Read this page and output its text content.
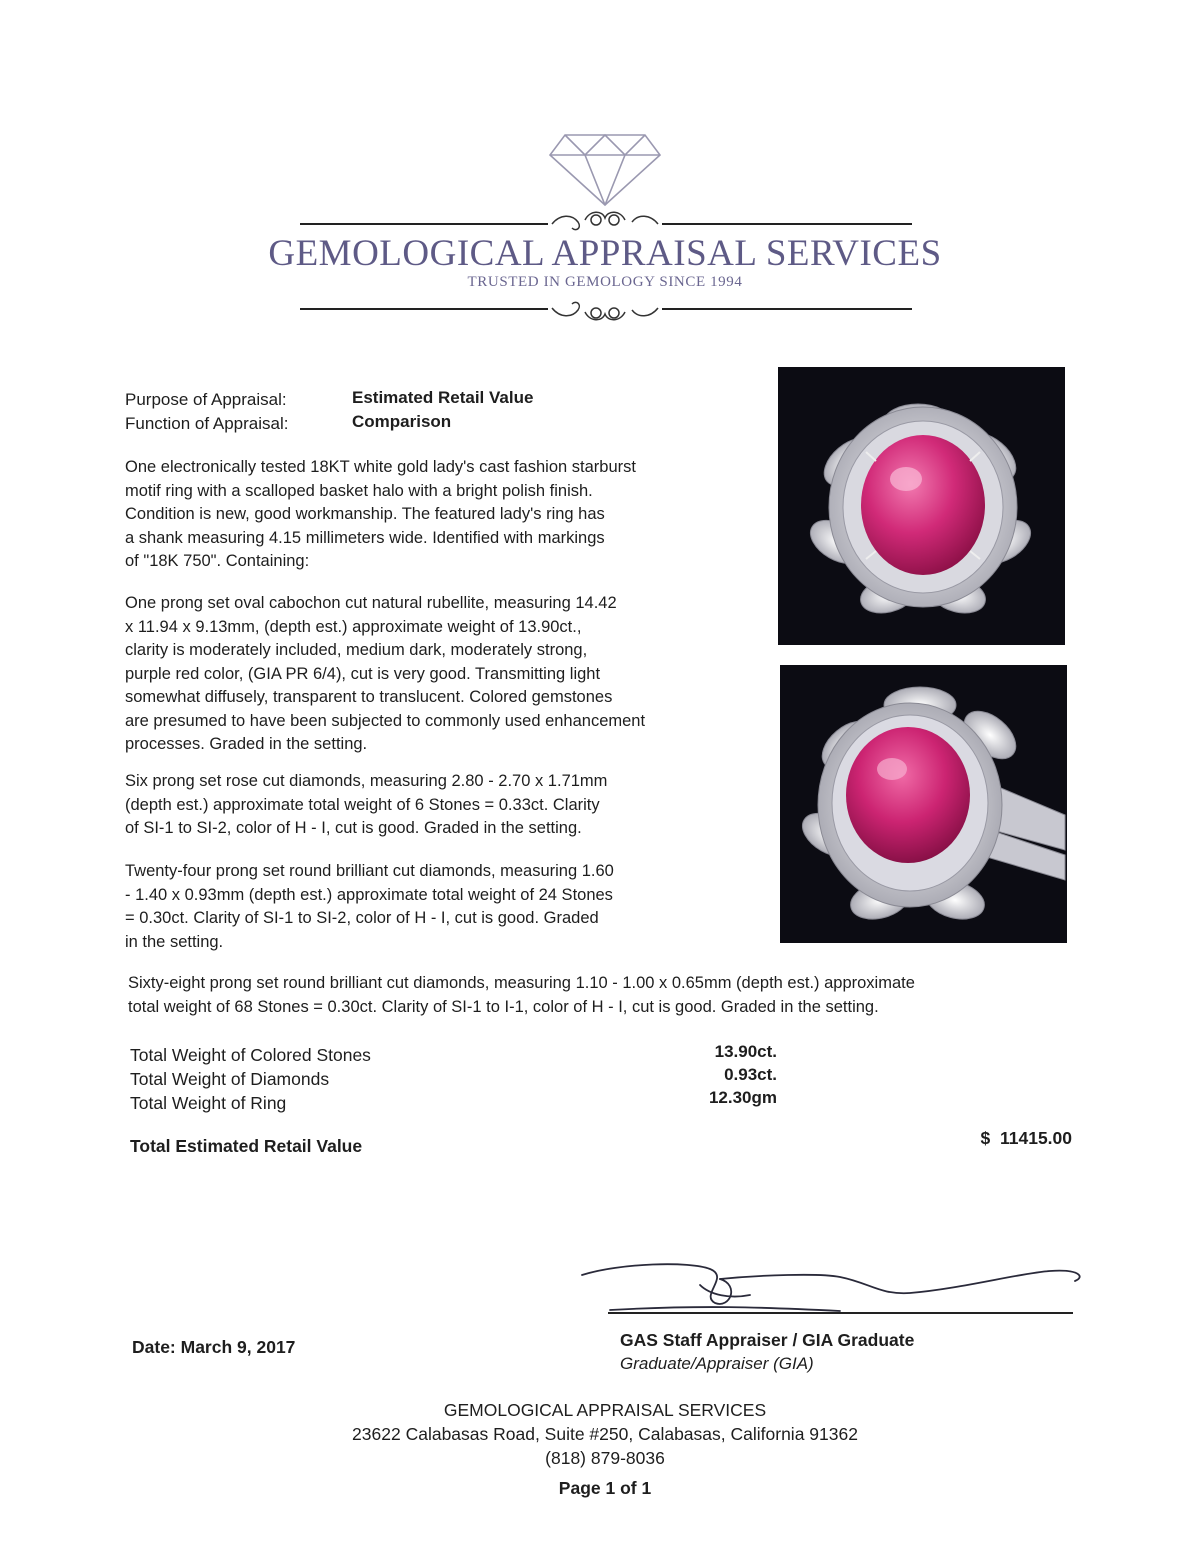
GEMOLOGICAL APPRAISAL SERVICES
TRUSTED IN GEMOLOGY SINCE 1994
Purpose of Appraisal:	Estimated Retail Value
Function of Appraisal:	Comparison
One electronically tested 18KT white gold lady's cast fashion starburst
motif ring with a scalloped basket halo with a bright polish finish.
Condition is new, good workmanship. The featured lady's ring has
a shank measuring 4.15 millimeters wide. Identified with markings
of "18K 750". Containing:
One prong set oval cabochon cut natural rubellite, measuring 14.42
x 11.94 x 9.13mm, (depth est.) approximate weight of 13.90ct.,
clarity is moderately included, medium dark, moderately strong,
purple red color, (GIA PR 6/4), cut is very good. Transmitting light
somewhat diffusely, transparent to translucent. Colored gemstones
are presumed to have been subjected to commonly used enhancement
processes. Graded in the setting.
Six prong set rose cut diamonds, measuring 2.80 - 2.70 x 1.71mm
(depth est.) approximate total weight of 6 Stones = 0.33ct. Clarity
of SI-1 to SI-2, color of H - I, cut is good. Graded in the setting.
Twenty-four prong set round brilliant cut diamonds, measuring 1.60
- 1.40 x 0.93mm (depth est.) approximate total weight of 24 Stones
= 0.30ct. Clarity of SI-1 to SI-2, color of H - I, cut is good. Graded
in the setting.
Sixty-eight prong set round brilliant cut diamonds, measuring 1.10 - 1.00 x 0.65mm (depth est.) approximate
total weight of 68 Stones = 0.30ct. Clarity of SI-1 to I-1, color of H - I, cut is good. Graded in the setting.
Total Weight of Colored Stones	13.90ct.
Total Weight of Diamonds	0.93ct.
Total Weight of Ring	12.30gm
Total Estimated Retail Value	$  11415.00
Date: March 9, 2017	GAS Staff Appraiser / GIA Graduate
Graduate/Appraiser (GIA)
GEMOLOGICAL APPRAISAL SERVICES
23622 Calabasas Road, Suite #250, Calabasas, California 91362
(818) 879-8036
Page 1 of 1
